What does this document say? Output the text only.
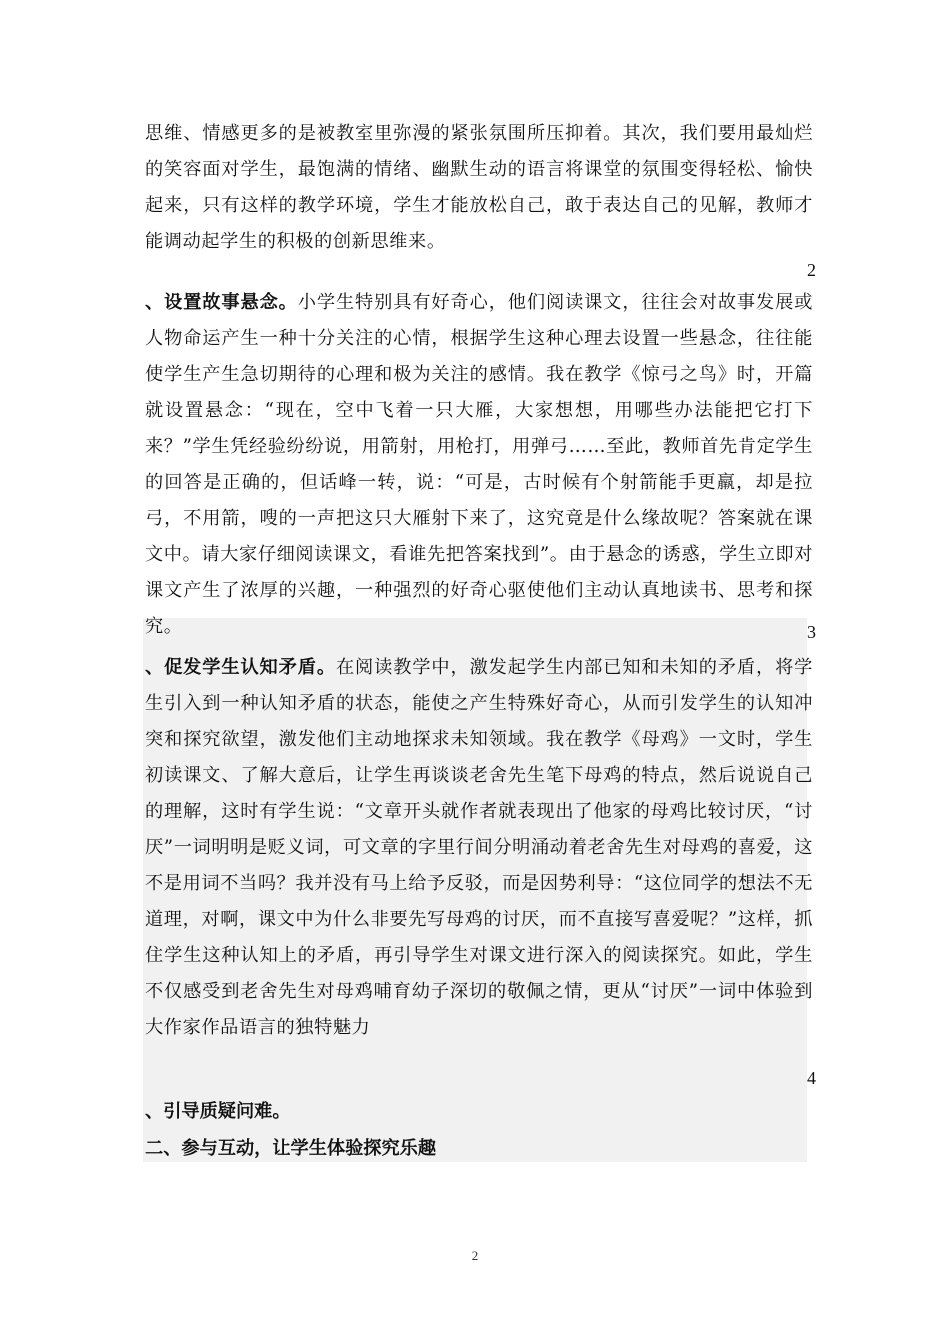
思维、情感更多的是被教室里弥漫的紧张氛围所压抑着。其次，我们要用最灿烂的笑容面对学生，最饱满的情绪、幽默生动的语言将课堂的氛围变得轻松、愉快起来，只有这样的教学环境，学生才能放松自己，敢于表达自己的见解，教师才能调动起学生的积极的创新思维来。

2

、设置故事悬念。小学生特别具有好奇心，他们阅读课文，往往会对故事发展或人物命运产生一种十分关注的心情，根据学生这种心理去设置一些悬念，往往能使学生产生急切期待的心理和极为关注的感情。我在教学《惊弓之鸟》时，开篇就设置悬念：“现在，空中飞着一只大雁，大家想想，用哪些办法能把它打下来？”学生凭经验纷纷说，用箭射，用枪打，用弹弓……至此，教师首先肯定学生的回答是正确的，但话峰一转，说：“可是，古时候有个射箭能手更羸，却是拉弓，不用箭，嗖的一声把这只大雁射下来了，这究竟是什么缘故呢？答案就在课文中。请大家仔细阅读课文，看谁先把答案找到”。由于悬念的诱惑，学生立即对课文产生了浓厚的兴趣，一种强烈的好奇心驱使他们主动认真地读书、思考和探究。	3

、促发学生认知矛盾。在阅读教学中，激发起学生内部已知和未知的矛盾，将学生引入到一种认知矛盾的状态，能使之产生特殊好奇心，从而引发学生的认知冲突和探究欲望，激发他们主动地探求未知领域。我在教学《母鸡》一文时，学生初读课文、了解大意后，让学生再谈谈老舍先生笔下母鸡的特点，然后说说自己的理解，这时有学生说：“文章开头就作者就表现出了他家的母鸡比较讨厌，“讨厌”一词明明是贬义词，可文章的字里行间分明涌动着老舍先生对母鸡的喜爱，这不是用词不当吗？我并没有马上给予反驳，而是因势利导：“这位同学的想法不无道理，对啊，课文中为什么非要先写母鸡的讨厌，而不直接写喜爱呢？”这样，抓住学生这种认知上的矛盾，再引导学生对课文进行深入的阅读探究。如此，学生不仅感受到老舍先生对母鸡哺育幼子深切的敬佩之情，更从“讨厌”一词中体验到大作家作品语言的独特魅力

4

、引导质疑问难。

二、参与互动，让学生体验探究乐趣

2
